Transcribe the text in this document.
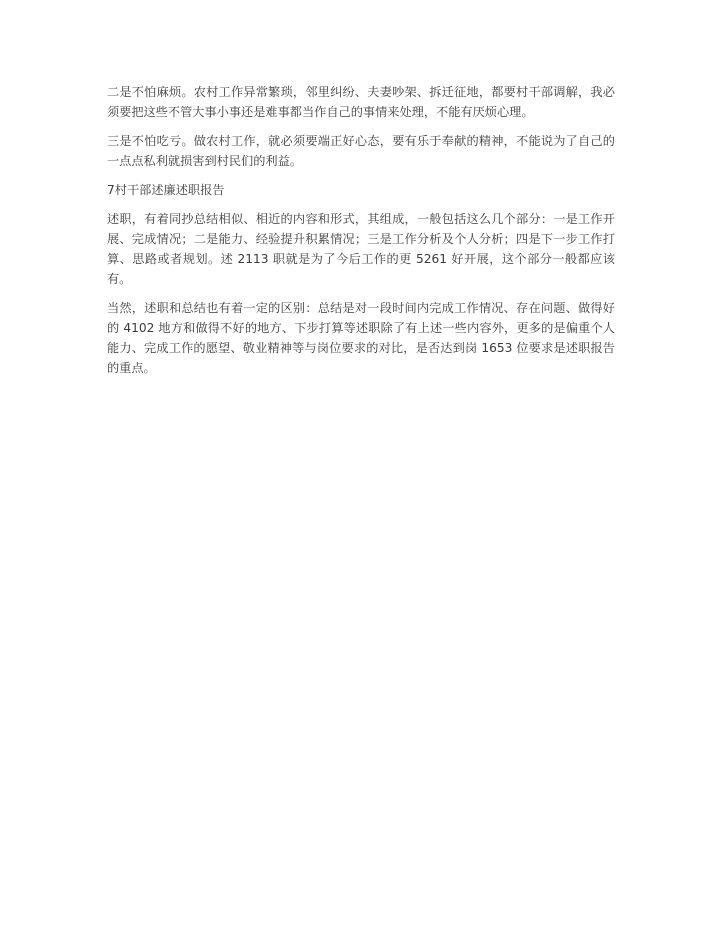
二是不怕麻烦。农村工作异常繁琐，邻里纠纷、夫妻吵架、拆迁征地，都要村干部调解，我必须要把这些不管大事小事还是难事都当作自己的事情来处理，不能有厌烦心理。

三是不怕吃亏。做农村工作，就必须要端正好心态，要有乐于奉献的精神，不能说为了自己的一点点私利就损害到村民们的利益。

7村干部述廉述职报告

述职，有着同抄总结相似、相近的内容和形式，其组成，一般包括这么几个部分：一是工作开展、完成情况；二是能力、经验提升积累情况；三是工作分析及个人分析；四是下一步工作打算、思路或者规划。述 2113 职就是为了今后工作的更 5261 好开展，这个部分一般都应该有。

当然，述职和总结也有着一定的区别：总结是对一段时间内完成工作情况、存在问题、做得好的 4102 地方和做得不好的地方、下步打算等述职除了有上述一些内容外，更多的是偏重个人能力、完成工作的愿望、敬业精神等与岗位要求的对比，是否达到岗 1653 位要求是述职报告的重点。
